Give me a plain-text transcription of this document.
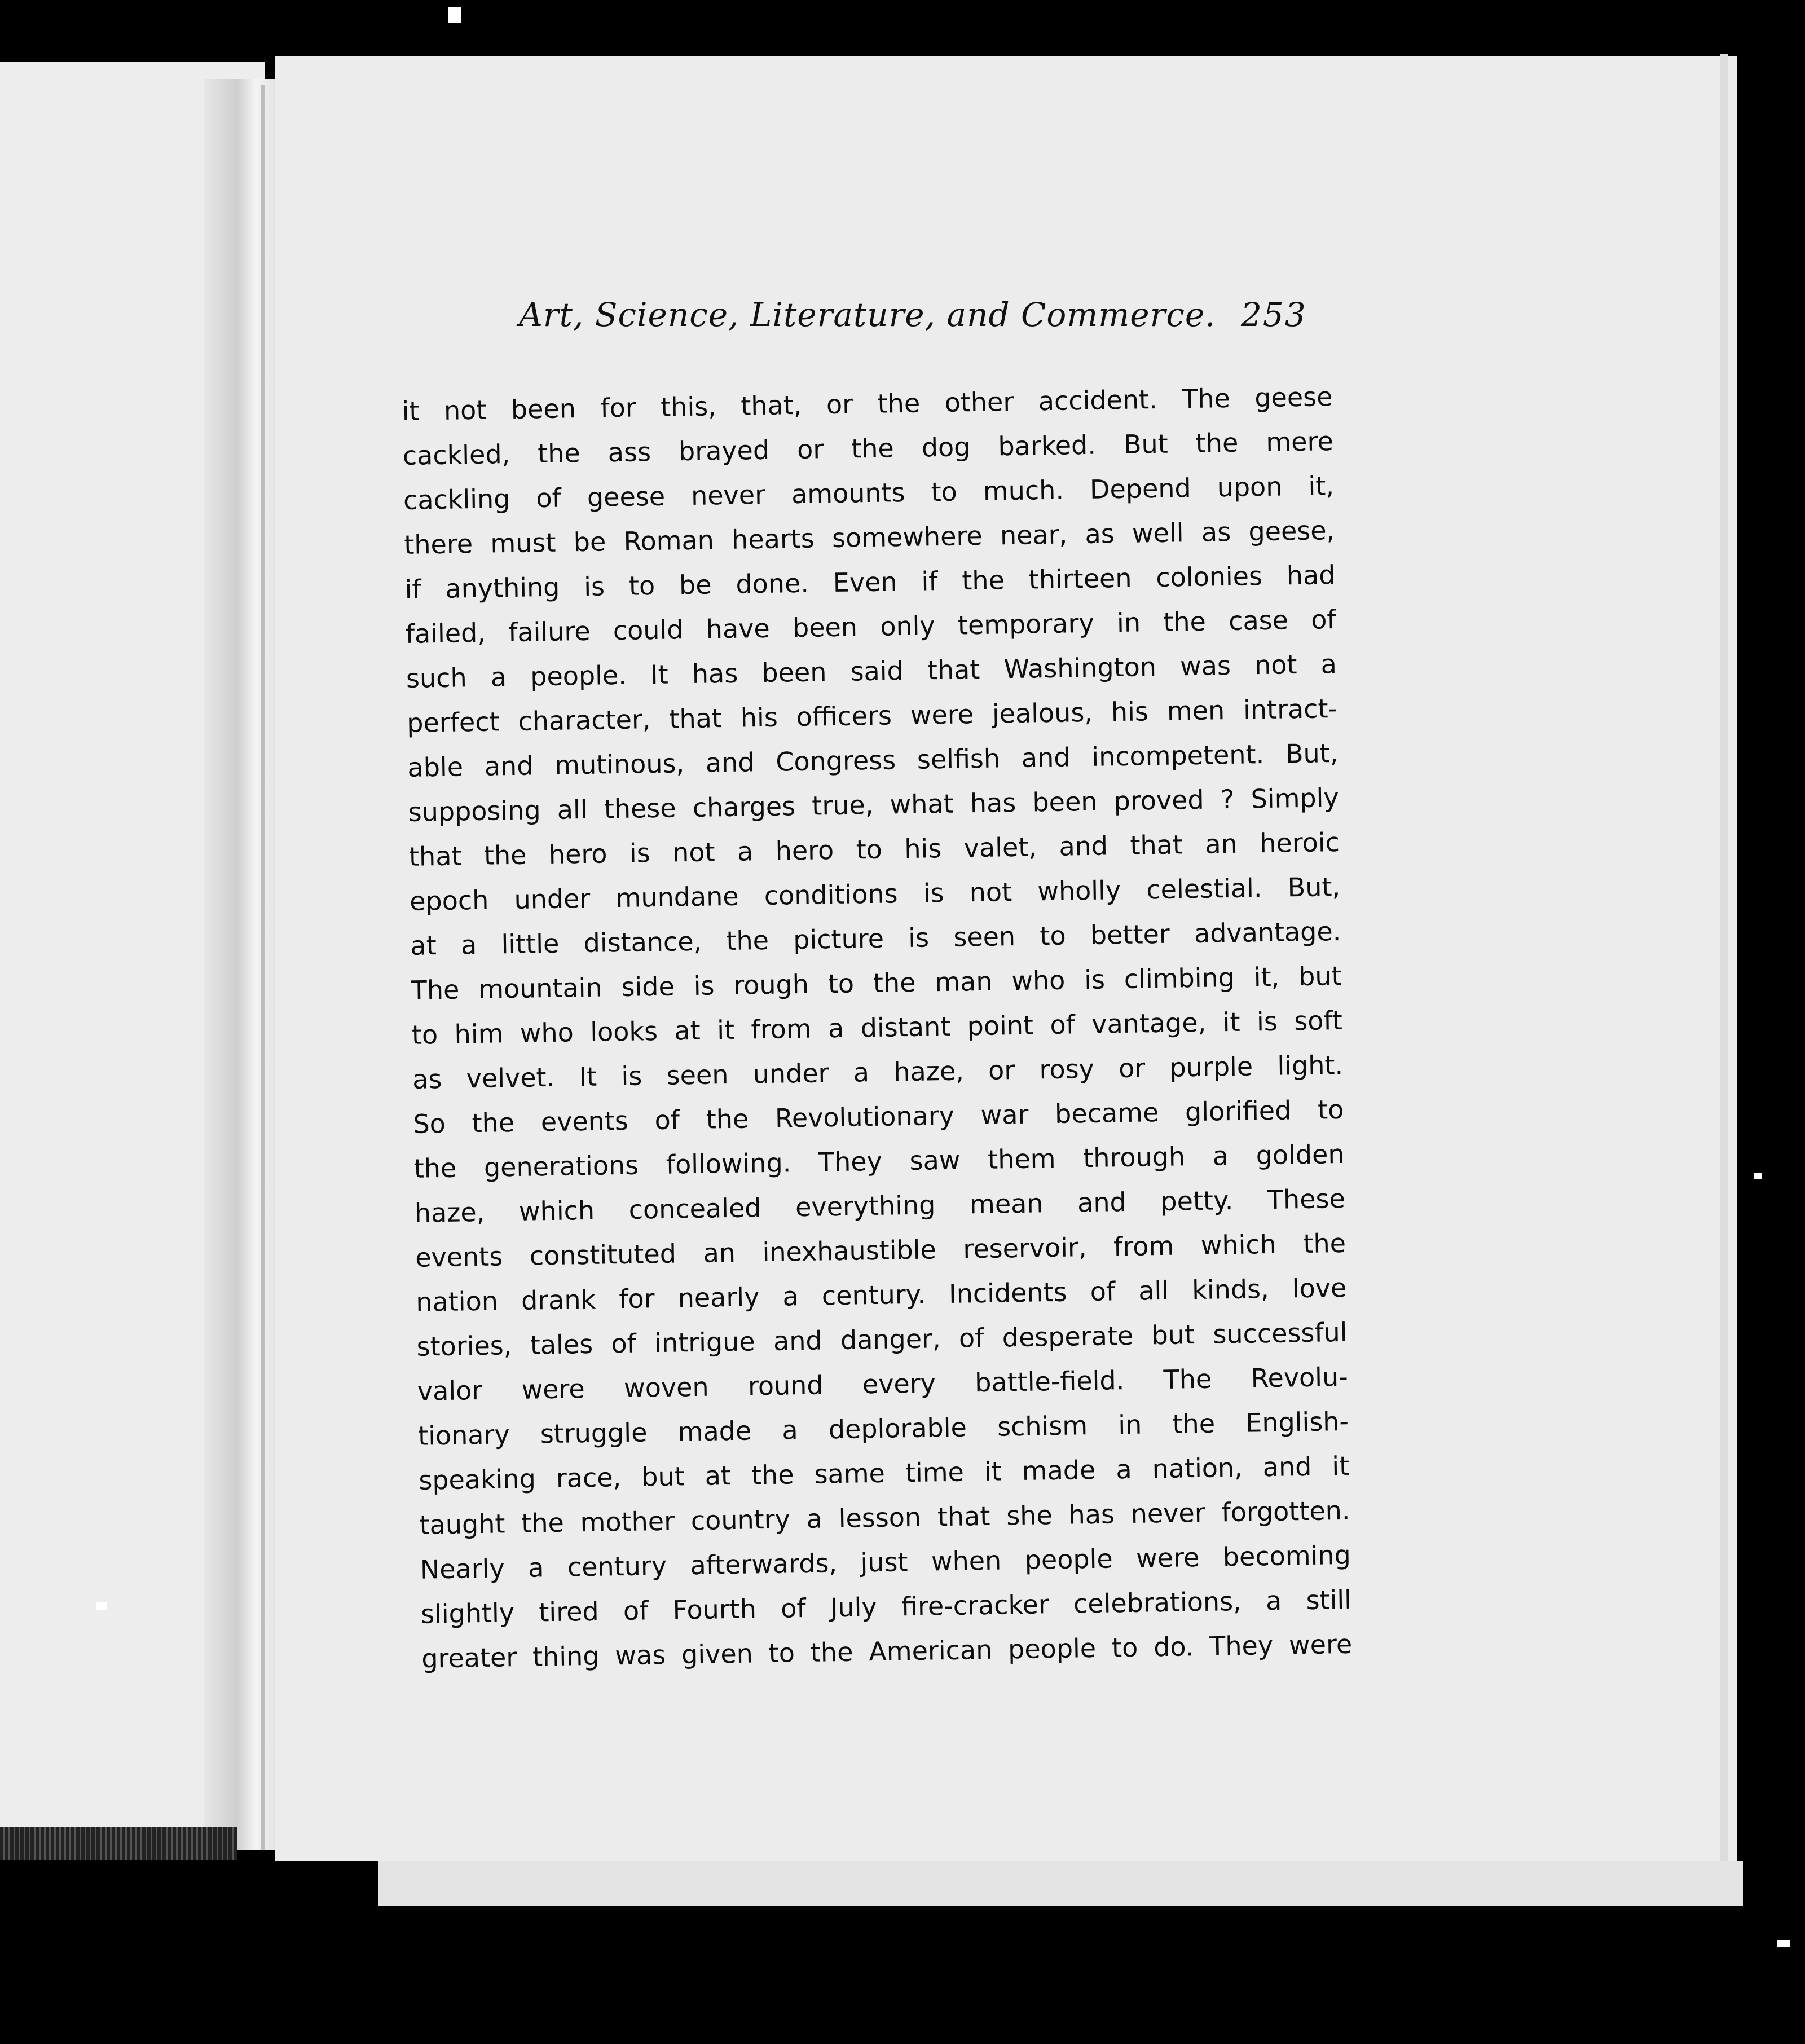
Art, Science, Literature, and Commerce. 253
it not been for this, that, or the other accident. The geese
cackled, the ass brayed or the dog barked. But the mere
cackling of geese never amounts to much. Depend upon it,
there must be Roman hearts somewhere near, as well as geese,
if anything is to be done. Even if the thirteen colonies had
failed, failure could have been only temporary in the case of
such a people. It has been said that Washington was not a
perfect character, that his officers were jealous, his men intract-
able and mutinous, and Congress selfish and incompetent. But,
supposing all these charges true, what has been proved ? Simply
that the hero is not a hero to his valet, and that an heroic
epoch under mundane conditions is not wholly celestial. But,
at a little distance, the picture is seen to better advantage.
The mountain side is rough to the man who is climbing it, but
to him who looks at it from a distant point of vantage, it is soft
as velvet. It is seen under a haze, or rosy or purple light.
So the events of the Revolutionary war became glorified to
the generations following. They saw them through a golden
haze, which concealed everything mean and petty. These
events constituted an inexhaustible reservoir, from which the
nation drank for nearly a century. Incidents of all kinds, love
stories, tales of intrigue and danger, of desperate but successful
valor were woven round every battle-field. The Revolu-
tionary struggle made a deplorable schism in the English-
speaking race, but at the same time it made a nation, and it
taught the mother country a lesson that she has never forgotten.
Nearly a century afterwards, just when people were becoming
slightly tired of Fourth of July fire-cracker celebrations, a still
greater thing was given to the American people to do. They were
